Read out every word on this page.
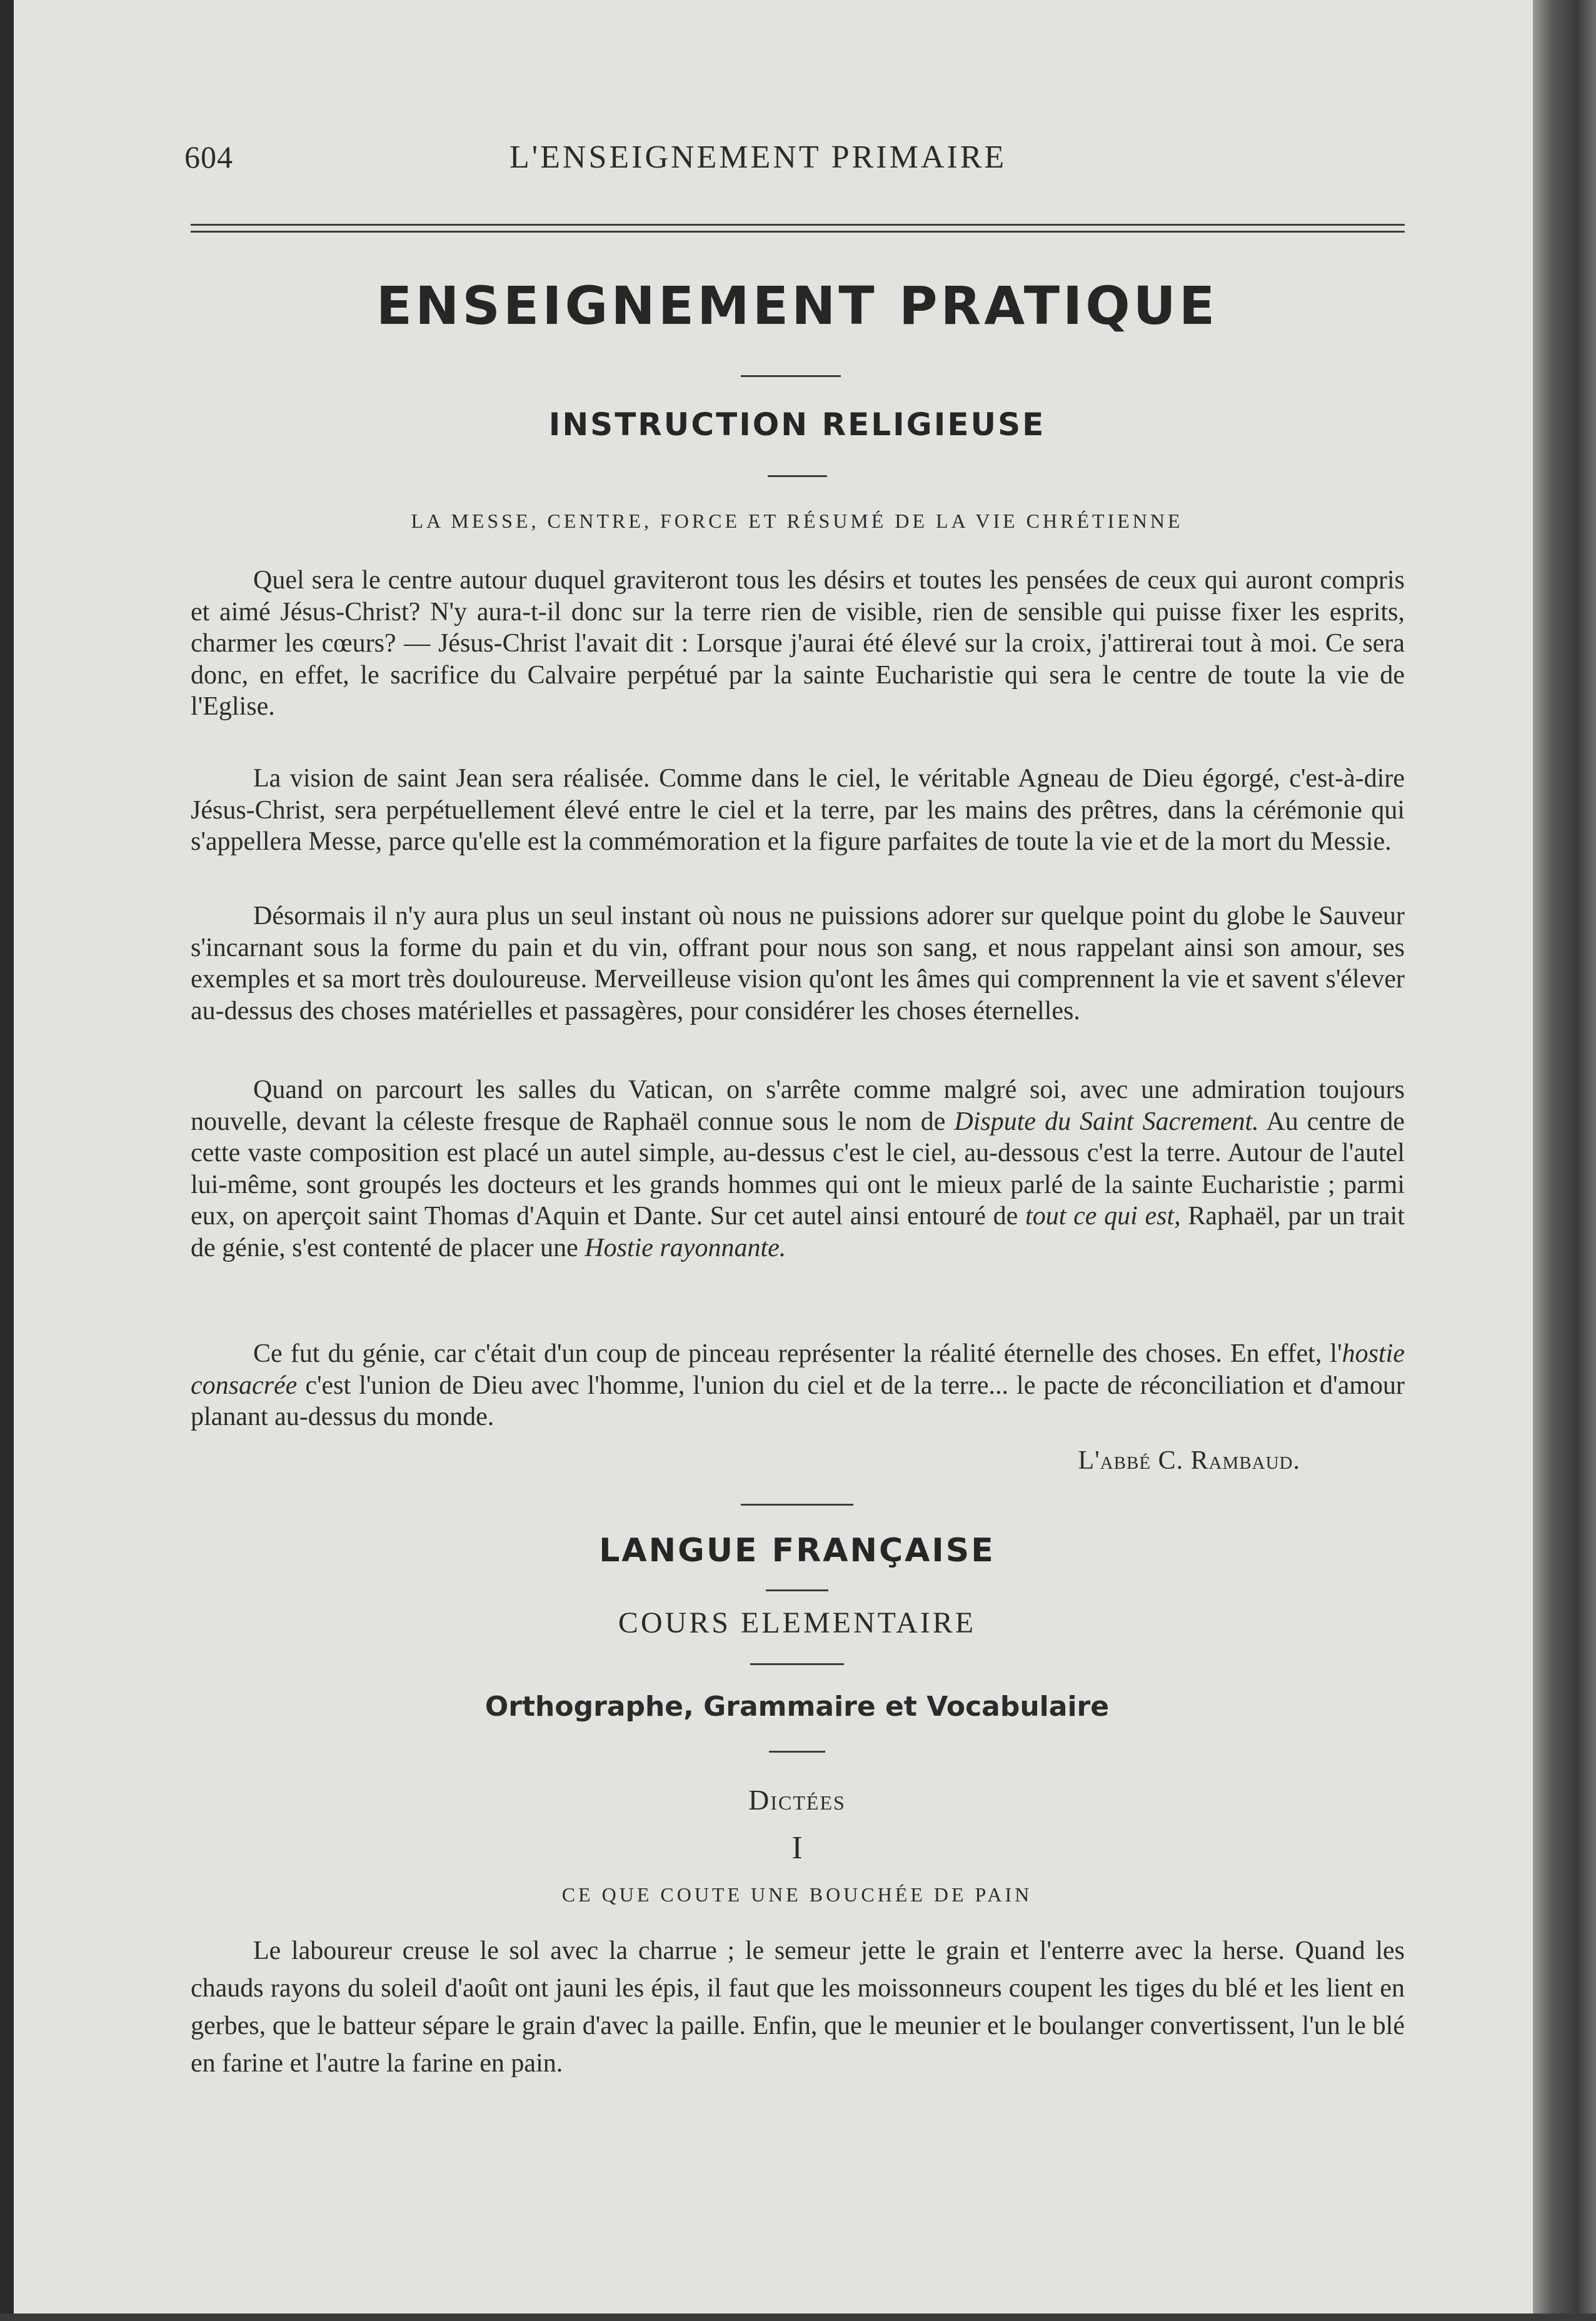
604	L'ENSEIGNEMENT PRIMAIRE
ENSEIGNEMENT PRATIQUE
INSTRUCTION RELIGIEUSE
LA MESSE, CENTRE, FORCE ET RÉSUMÉ DE LA VIE CHRÉTIENNE
Quel sera le centre autour duquel graviteront tous les désirs et toutes les pensées de ceux qui auront compris et aimé Jésus-Christ? N'y aura-t-il donc sur la terre rien de visible, rien de sensible qui puisse fixer les esprits, charmer les cœurs? — Jésus-Christ l'avait dit : Lorsque j'aurai été élevé sur la croix, j'attirerai tout à moi. Ce sera donc, en effet, le sacrifice du Calvaire perpétué par la sainte Eucharistie qui sera le centre de toute la vie de l'Eglise.
La vision de saint Jean sera réalisée. Comme dans le ciel, le véritable Agneau de Dieu égorgé, c'est-à-dire Jésus-Christ, sera perpétuellement élevé entre le ciel et la terre, par les mains des prêtres, dans la cérémonie qui s'appellera Messe, parce qu'elle est la commémoration et la figure parfaites de toute la vie et de la mort du Messie.
Désormais il n'y aura plus un seul instant où nous ne puissions adorer sur quelque point du globe le Sauveur s'incarnant sous la forme du pain et du vin, offrant pour nous son sang, et nous rappelant ainsi son amour, ses exemples et sa mort très douloureuse. Merveilleuse vision qu'ont les âmes qui comprennent la vie et savent s'élever au-dessus des choses matérielles et passagères, pour considérer les choses éternelles.
Quand on parcourt les salles du Vatican, on s'arrête comme malgré soi, avec une admiration toujours nouvelle, devant la céleste fresque de Raphaël connue sous le nom de Dispute du Saint Sacrement. Au centre de cette vaste composition est placé un autel simple, au-dessus c'est le ciel, au-dessous c'est la terre. Autour de l'autel lui-même, sont groupés les docteurs et les grands hommes qui ont le mieux parlé de la sainte Eucharistie ; parmi eux, on aperçoit saint Thomas d'Aquin et Dante. Sur cet autel ainsi entouré de tout ce qui est, Raphaël, par un trait de génie, s'est contenté de placer une Hostie rayonnante.
Ce fut du génie, car c'était d'un coup de pinceau représenter la réalité éternelle des choses. En effet, l'hostie consacrée c'est l'union de Dieu avec l'homme, l'union du ciel et de la terre... le pacte de réconciliation et d'amour planant au-dessus du monde.
L'abbé C. Rambaud.
LANGUE FRANÇAISE
COURS ELEMENTAIRE
Orthographe, Grammaire et Vocabulaire
Dictées
I
CE QUE COUTE UNE BOUCHÉE DE PAIN
Le laboureur creuse le sol avec la charrue ; le semeur jette le grain et l'enterre avec la herse. Quand les chauds rayons du soleil d'août ont jauni les épis, il faut que les moissonneurs coupent les tiges du blé et les lient en gerbes, que le batteur sépare le grain d'avec la paille. Enfin, que le meunier et le boulanger convertissent, l'un le blé en farine et l'autre la farine en pain.
